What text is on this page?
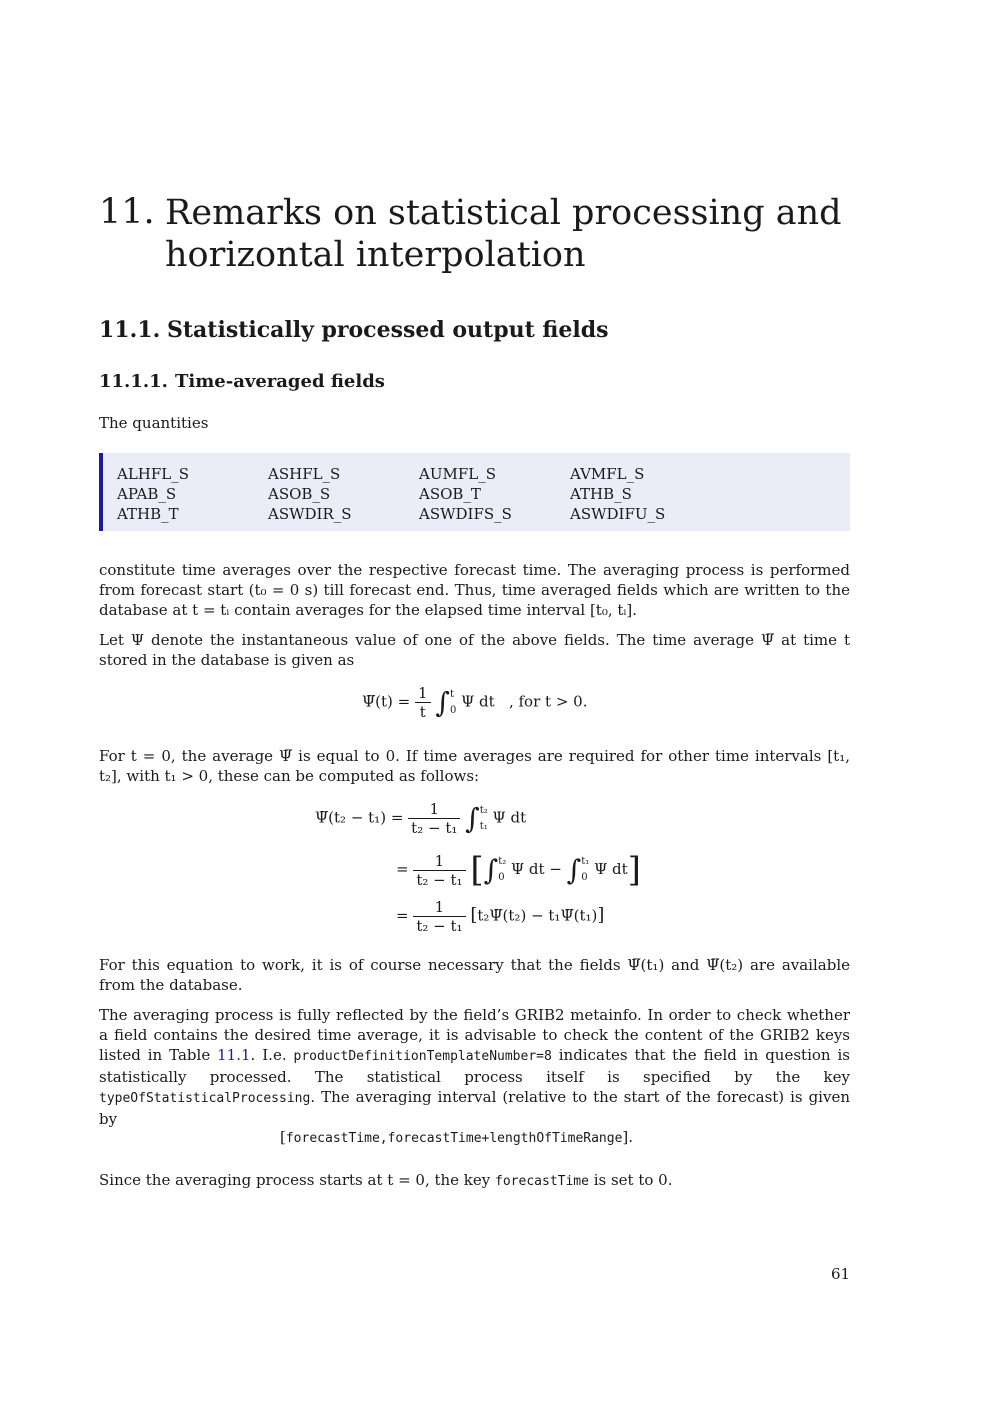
11. Remarks on statistical processing and horizontal interpolation
11.1. Statistically processed output fields
11.1.1. Time-averaged fields
The quantities
ALHFL_S	ASHFL_S	AUMFL_S	AVMFL_S
APAB_S	ASOB_S	ASOB_T	ATHB_S
ATHB_T	ASWDIR_S	ASWDIFS_S	ASWDIFU_S
constitute time averages over the respective forecast time. The averaging process is performed from forecast start (t₀ = 0 s) till forecast end. Thus, time averaged fields which are written to the database at t = tᵢ contain averages for the elapsed time interval [t₀, tᵢ].
Let Ψ denote the instantaneous value of one of the above fields. The time average Ψ̅ at time t stored in the database is given as
Ψ̅(t) = $\frac{1}{t}$ ∫ t
0 Ψ dt , for t > 0.
For t = 0, the average Ψ̅ is equal to 0. If time averages are required for other time intervals [t₁, t₂], with t₁ > 0, these can be computed as follows:
Ψ̅(t₂ − $t_1) = \frac{1}{\text{t₂ − t₁}}$ ∫ t₂
t₁ Ψ dt
= $\frac{1}{\text{t₂ − t₁}}$ [∫ t₂
0 Ψ dt − ∫ t₁
0 Ψ dt]
= $\frac{1}{\text{t₂ − t₁}}$ [t₂Ψ̅(t₂) − t₁Ψ̅(t₁)]
For this equation to work, it is of course necessary that the fields Ψ̅(t₁) and Ψ̅(t₂) are available from the database.
The averaging process is fully reflected by the field’s GRIB2 metainfo. In order to check whether a field contains the desired time average, it is advisable to check the content of the GRIB2 keys listed in Table 11.1. I.e. productDefinitionTemplateNumber=8 indicates that the field in question is statistically processed. The statistical process itself is specified by the key typeOfStatisticalProcessing. The averaging interval (relative to the start of the forecast) is given by
[forecastTime,forecastTime+lengthOfTimeRange].
Since the averaging process starts at t = 0, the key forecastTime is set to 0.
61
